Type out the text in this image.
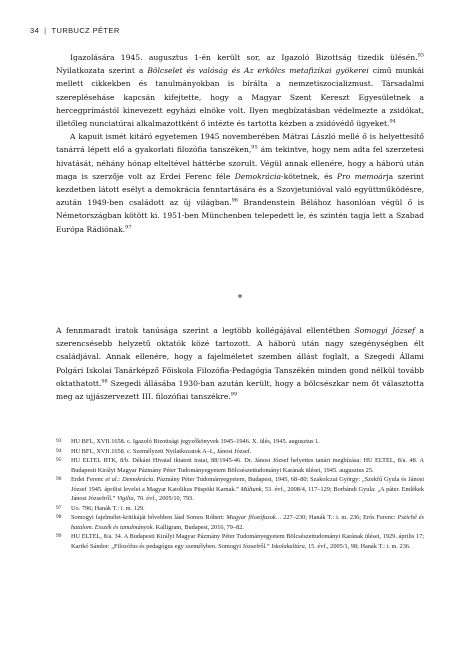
34 | TURBUCZ PÉTER

Igazolására 1945. augusztus 1-én került sor, az Igazoló Bizottság tizedik ülésén.$^{93}$ Nyilatkozata szerint a Bölcselet és valóság és Az erkölcs metafizikai gyökerei című munkái mellett cikkekben és tanulmányokban is bírálta a nemzetiszocializmust. Társadalmi szerepléseháse kapcsán kifejtette, hogy a Magyar Szent Kereszt Egyesületnek a hercegprímástól kinevezett egyházi elnöke volt. Ilyen megbízatásban védelmezte a zsidókat, illetőleg nunciatúrai alkalmazottként ő intézte és tartotta kézben a zsidóvédő ügyeket.$^{94}$

A kapuit ismét kitáró egyetemen 1945 novemberében Mátrai László mellé ő is helyettesítő tanárrá lépett elő a gyakorlati filozófia tanszéken,$^{95}$ ám tekintve, hogy nem adta fel szerzetesi hivatását, néhány hónap elteltével háttérbe szorult. Végül annak ellenére, hogy a háború után maga is szerzője volt az Erdei Ferenc féle Demokrácia-kötetnek, és Pro memoárja szerint kezdetben látott esélyt a demokrácia fenntartására és a Szovjetunióval való együttműködésre, azután 1949-ben családott az új világban.$^{96}$ Brandenstein Bélához hasonlóan végül ő is Németországban kötött ki. 1951-ben Münchenben telepedett le, és szintén tagja lett a Szabad Európa Rádiónak.$^{97}$

*

A fennmaradt iratok tanúsága szerint a legtöbb kollégájával ellentétben Somogyi József a szerencsésebb helyzetű oktatók közé tartozott. A háború után nagy szegénységben élt családjával. Annak ellenére, hogy a fajelméletet szemben állást foglalt, a Szegedi Állami Polgári Iskolai Tanárképző Főiskola Filozófia-Pedagógia Tanszékén minden gond nélkül tovább oktathatott.$^{98}$ Szegedi állásába 1930-ban azután került, hogy a bölcsészkar nem őt választotta meg az ujjászervezett III. filozófiai tanszékre.$^{99}$

93 HU BFL, XVII.1658. c. Igazoló Bizottsági jegyzőkönyvek 1945–1946. X. ülés, 1945. augusztus 1.
94 HU BFL, XVII.1658. c. Személyzeti Nyilatkozatok A–L, Jánosi József.
95 HU ELTEL BTK, 8/b. Dékáni Hivatal iktatott iratai, 88/1945-46. Dr. Jánosi József helyettes tanári megbízása; HU ELTEL, 8/a. 48. A Budapesti Királyi Magyar Pázmány Péter Tudományegyetem Bölcsészettudományi Karának ülései, 1945. augusztus 25.
96 Erdei Ferenc et al.: Demokrácia. Pázmány Péter Tudományegyetem, Budapest, 1945, 68–80; Szakolczai György: „Szekfű Gyula és Jánosi József 1945. áprilisi levelei a Magyar Katolikus Püspöki Karnak.” Múltunk, 53. évf., 2008/4, 117–129; Borbándi Gyula: „A páter. Emlékek Jánosi Józsefről.” Vigilia, 70. évf., 2005/10, 793.
97 Uo. 796; Hanák T.: i. m. 129.
98 Somogyi fajelmélet-kritikáját bővebben lásd Somos Róbert: Magyar filozófusok… 227–230; Hanák T.: i. m. 236; Erős Ferenc: Pszichê és hatalom. Esszék és tanulmányok. Kalligram, Budapest, 2016, 79–82.
99 HU ELTEL, 8/a. 34. A Budapesti Királyi Magyar Pázmány Péter Tudományegyetem Bölcsészettudományi Karának ülései, 1929. április 17; Karikó Sándor: „Filozófus és pedagógus egy személyben. Somogyi Józsefről.” Iskolakultúra, 15. évf., 2005/1, 98; Hanák T.: i. m. 236.
